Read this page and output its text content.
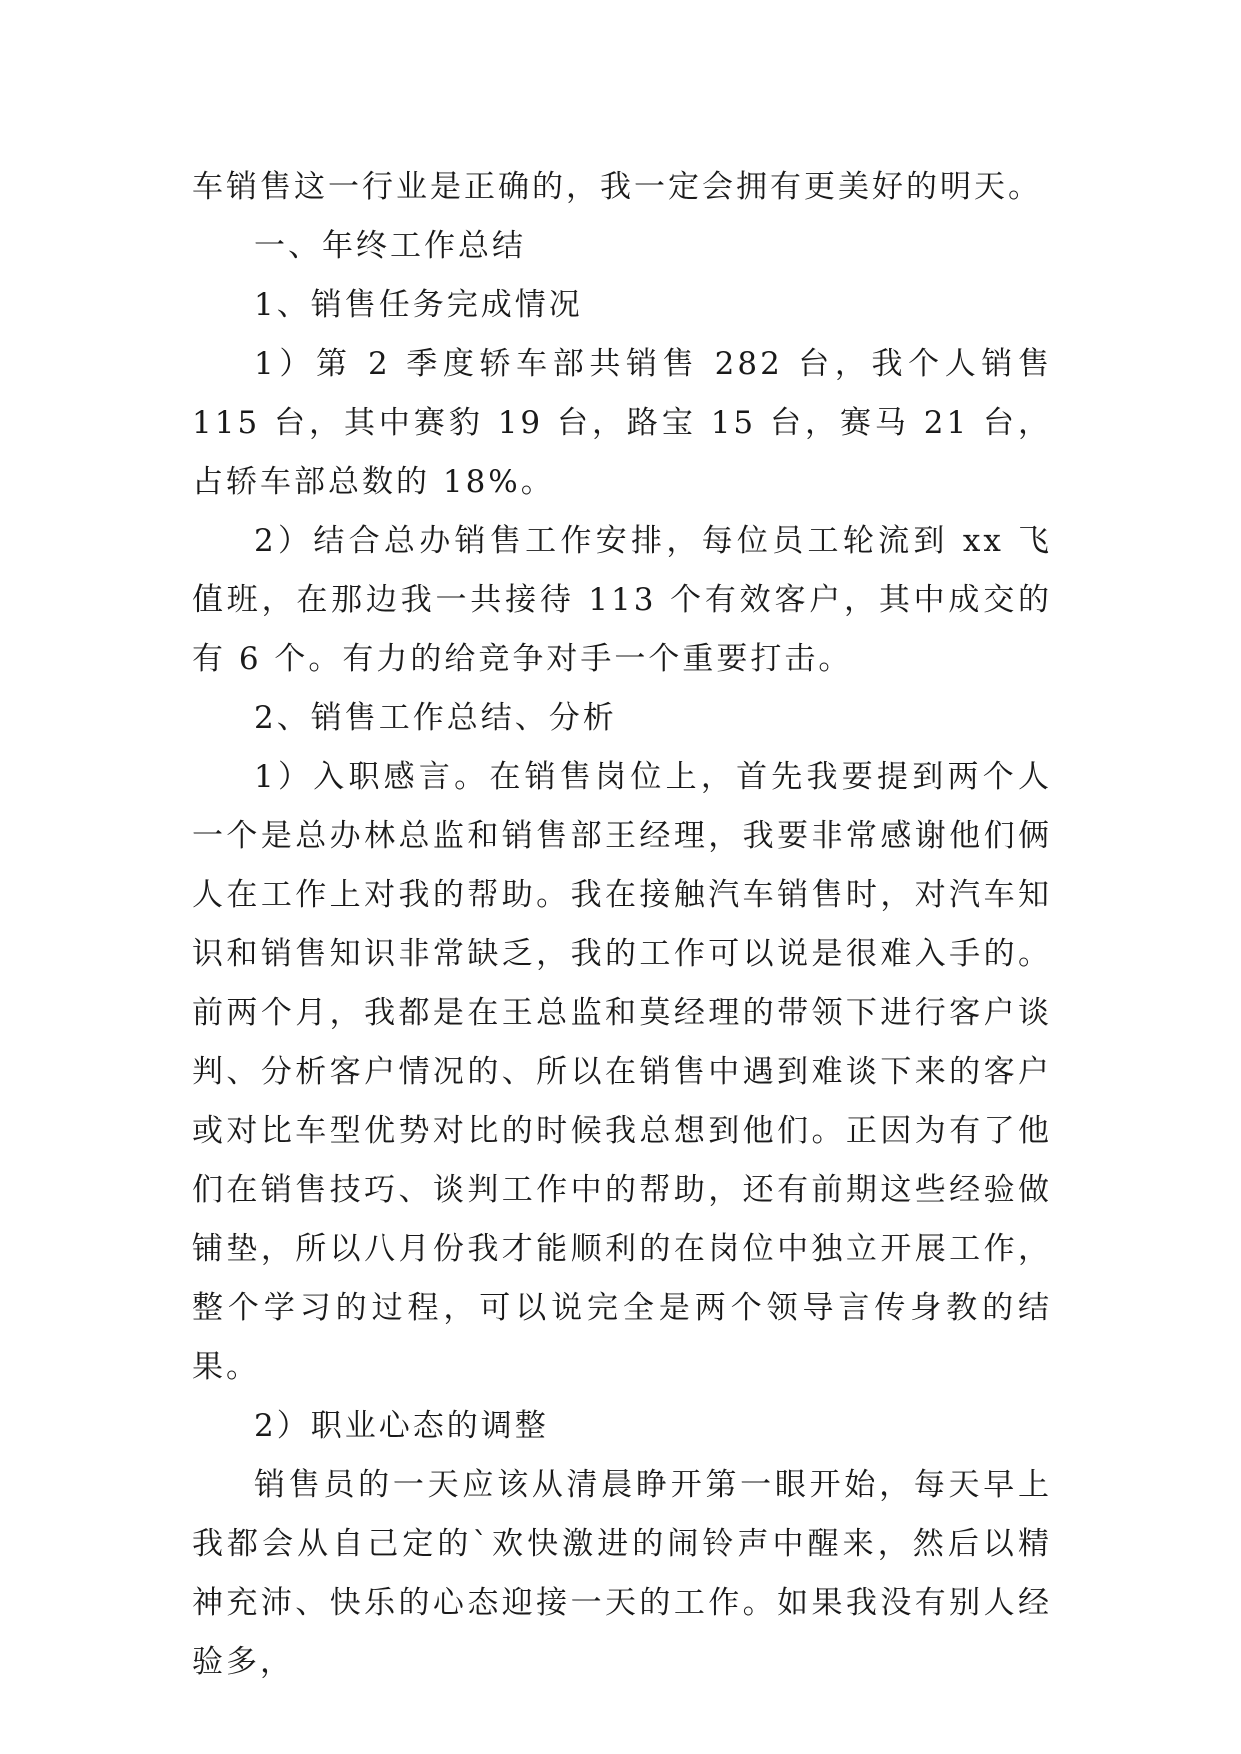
车销售这一行业是正确的，我一定会拥有更美好的明天。

一、年终工作总结

1、销售任务完成情况

1）第 2 季度轿车部共销售 282 台，我个人销售 115 台，其中赛豹 19 台，路宝 15 台，赛马 21 台，占轿车部总数的 18%。

2）结合总办销售工作安排，每位员工轮流到 xx 飞值班，在那边我一共接待 113 个有效客户，其中成交的有 6 个。有力的给竞争对手一个重要打击。

2、销售工作总结、分析

1）入职感言。在销售岗位上，首先我要提到两个人一个是总办林总监和销售部王经理，我要非常感谢他们俩人在工作上对我的帮助。我在接触汽车销售时，对汽车知识和销售知识非常缺乏，我的工作可以说是很难入手的。前两个月，我都是在王总监和莫经理的带领下进行客户谈判、分析客户情况的、所以在销售中遇到难谈下来的客户或对比车型优势对比的时候我总想到他们。正因为有了他们在销售技巧、谈判工作中的帮助，还有前期这些经验做铺垫，所以八月份我才能顺利的在岗位中独立开展工作，整个学习的过程，可以说完全是两个领导言传身教的结果。

2）职业心态的调整

销售员的一天应该从清晨睁开第一眼开始，每天早上我都会从自己定的`欢快激进的闹铃声中醒来，然后以精神充沛、快乐的心态迎接一天的工作。如果我没有别人经验多，
